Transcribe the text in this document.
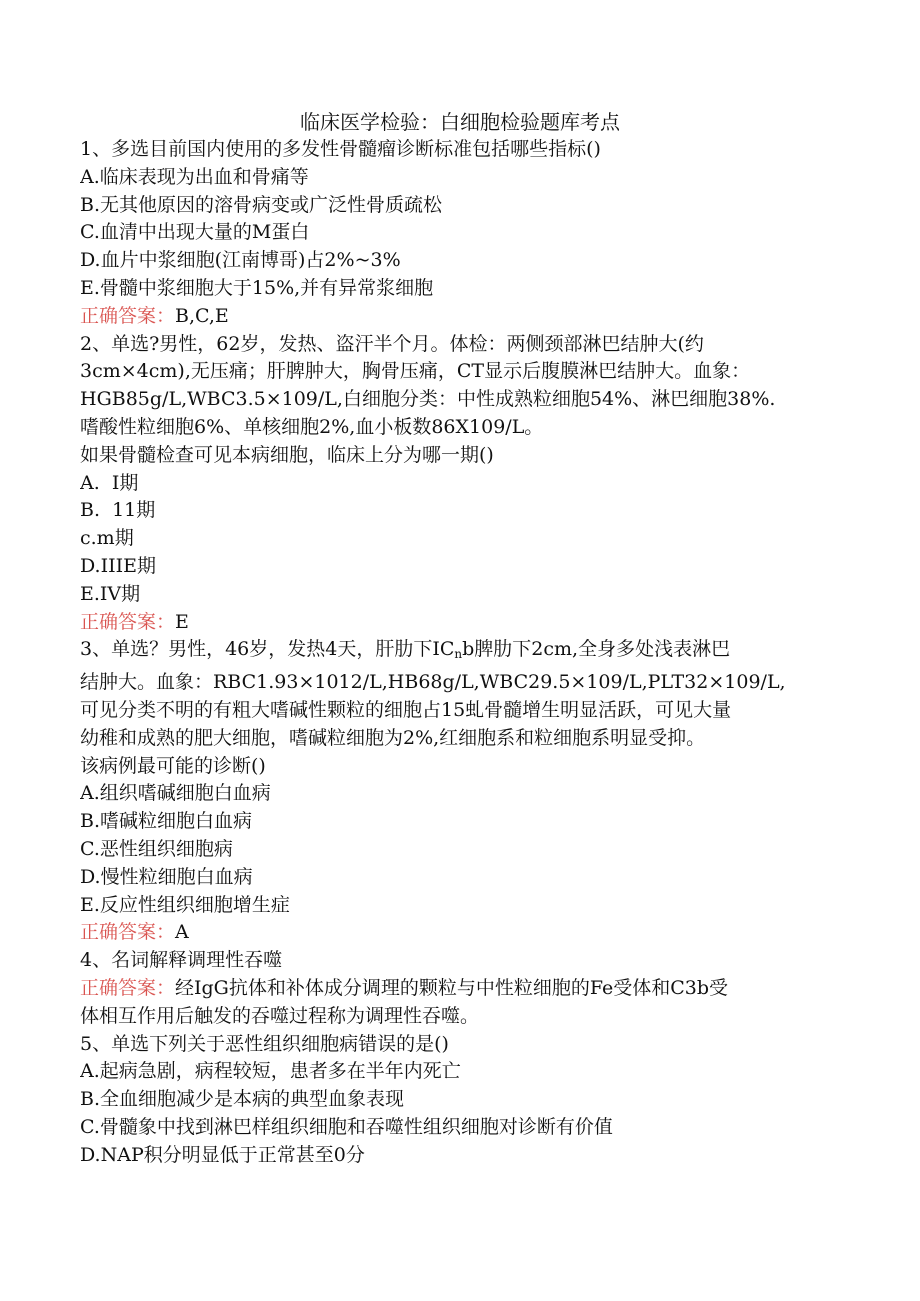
临床医学检验：白细胞检验题库考点
1、多选目前国内使用的多发性骨髓瘤诊断标准包括哪些指标()
A.临床表现为出血和骨痛等
B.无其他原因的溶骨病变或广泛性骨质疏松
C.血清中出现大量的M蛋白
D.血片中浆细胞(江南博哥)占2%~3%
E.骨髓中浆细胞大于15%,并有异常浆细胞
正确答案：B,C,E
2、单选?男性，62岁，发热、盗汗半个月。体检：两侧颈部淋巴结肿大(约
3cm×4cm),无压痛；肝脾肿大，胸骨压痛，CT显示后腹膜淋巴结肿大。血象：
HGB85g/L,WBC3.5×109/L,白细胞分类：中性成熟粒细胞54%、淋巴细胞38%.
嗜酸性粒细胞6%、单核细胞2%,血小板数86X109/L。
如果骨髓检查可见本病细胞，临床上分为哪一期()
A.  I期
B.  11期
c.m期
D.IIIE期
E.IV期
正确答案：E
3、单选？男性，46岁，发热4天，肝肋下$IC_nb$脾肋下2cm,全身多处浅表淋巴
结肿大。血象：RBC1.93×1012/L,HB68g/L,WBC29.5×109/L,PLT32×109/L,
可见分类不明的有粗大嗜碱性颗粒的细胞占15虬骨髓增生明显活跃，可见大量
幼稚和成熟的肥大细胞，嗜碱粒细胞为2%,红细胞系和粒细胞系明显受抑。
该病例最可能的诊断()
A.组织嗜碱细胞白血病
B.嗜碱粒细胞白血病
C.恶性组织细胞病
D.慢性粒细胞白血病
E.反应性组织细胞增生症
正确答案：A
4、名词解释调理性吞噬
正确答案：经IgG抗体和补体成分调理的颗粒与中性粒细胞的Fe受体和C3b受
体相互作用后触发的吞噬过程称为调理性吞噬。
5、单选下列关于恶性组织细胞病错误的是()
A.起病急剧，病程较短，患者多在半年内死亡
B.全血细胞减少是本病的典型血象表现
C.骨髓象中找到淋巴样组织细胞和吞噬性组织细胞对诊断有价值
D.NAP积分明显低于正常甚至0分
